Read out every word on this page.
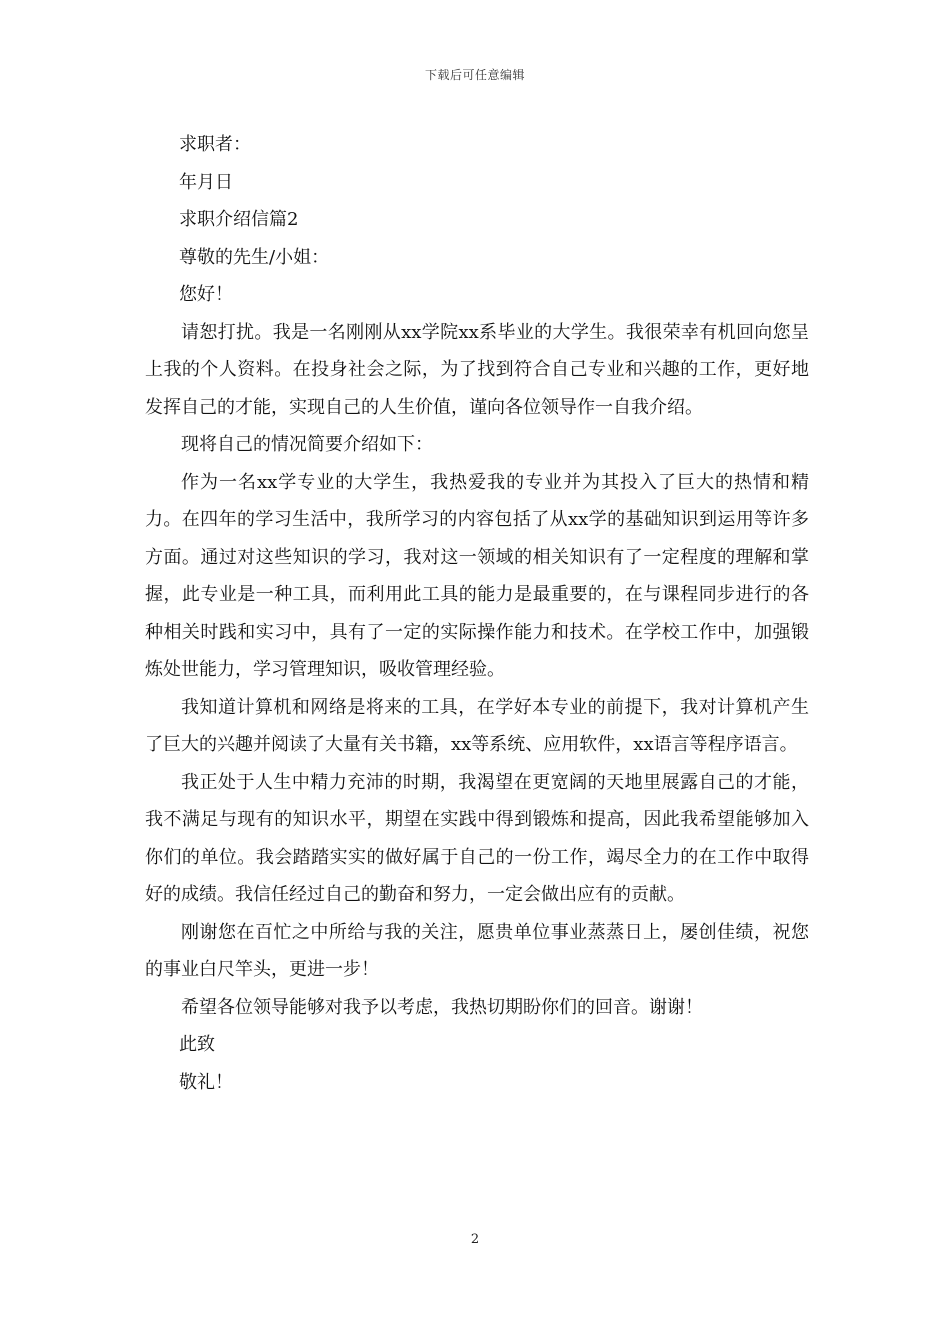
下载后可任意编辑

求职者：

年月日

求职介绍信篇2

尊敬的先生/小姐：

您好！

请恕打扰。我是一名刚刚从xx学院xx系毕业的大学生。我很荣幸有机回向您呈上我的个人资料。在投身社会之际，为了找到符合自己专业和兴趣的工作，更好地发挥自己的才能，实现自己的人生价值，谨向各位领导作一自我介绍。

现将自己的情况简要介绍如下：

作为一名xx学专业的大学生，我热爱我的专业并为其投入了巨大的热情和精力。在四年的学习生活中，我所学习的内容包括了从xx学的基础知识到运用等许多方面。通过对这些知识的学习，我对这一领域的相关知识有了一定程度的理解和掌握，此专业是一种工具，而利用此工具的能力是最重要的，在与课程同步进行的各种相关时践和实习中，具有了一定的实际操作能力和技术。在学校工作中，加强锻炼处世能力，学习管理知识，吸收管理经验。

我知道计算机和网络是将来的工具，在学好本专业的前提下，我对计算机产生了巨大的兴趣并阅读了大量有关书籍，xx等系统、应用软件，xx语言等程序语言。

我正处于人生中精力充沛的时期，我渴望在更宽阔的天地里展露自己的才能，我不满足与现有的知识水平，期望在实践中得到锻炼和提高，因此我希望能够加入你们的单位。我会踏踏实实的做好属于自己的一份工作，竭尽全力的在工作中取得好的成绩。我信任经过自己的勤奋和努力，一定会做出应有的贡献。

刚谢您在百忙之中所给与我的关注，愿贵单位事业蒸蒸日上，屡创佳绩，祝您的事业白尺竿头，更进一步！

希望各位领导能够对我予以考虑，我热切期盼你们的回音。谢谢！

此致

敬礼！

2
